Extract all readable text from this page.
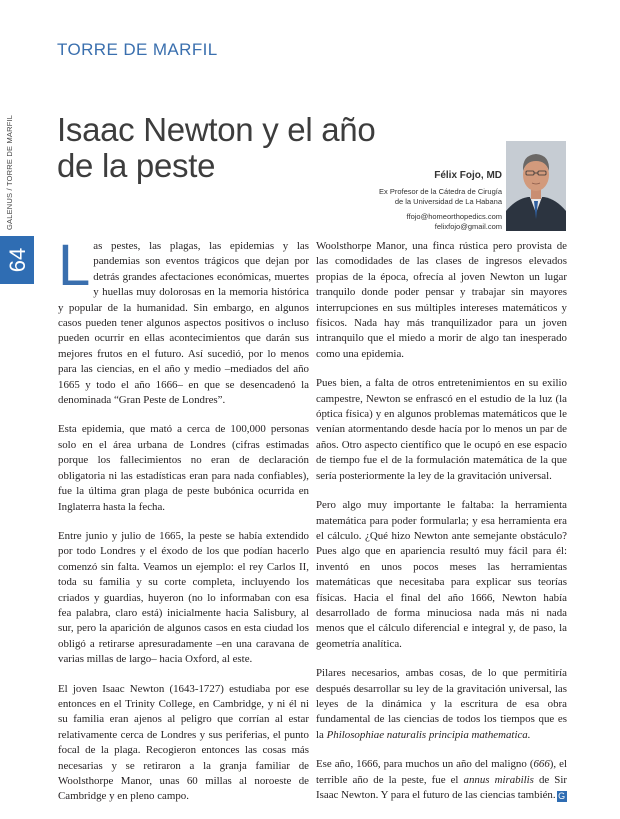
TORRE DE MARFIL
GALENUS / TORRE DE MARFIL
64
Isaac Newton y el año de la peste	Félix Fojo, MD
Ex Profesor de la Cátedra de Cirugía
de la Universidad de La Habana
ffojo@homeorthopedics.com
felixfojo@gmail.com

Las pestes, las plagas, las epidemias y las pandemias son eventos trágicos que dejan por detrás grandes afectaciones económicas, muertes y huellas muy dolorosas en la memoria histórica y popular de la humanidad. Sin embargo, en algunos casos pueden tener algunos aspectos positivos o incluso pueden ocurrir en ellas acontecimientos que darán sus mejores frutos en el futuro. Así sucedió, por lo menos para las ciencias, en el año y medio –mediados del año 1665 y todo el año 1666– en que se desencadenó la denominada “Gran Peste de Londres”.

Esta epidemia, que mató a cerca de 100,000 personas solo en el área urbana de Londres (cifras estimadas porque los fallecimientos no eran de declaración obligatoria ni las estadísticas eran para nada confiables), fue la última gran plaga de peste bubónica ocurrida en Inglaterra hasta la fecha.

Entre junio y julio de 1665, la peste se había extendido por todo Londres y el éxodo de los que podían hacerlo comenzó sin falta. Veamos un ejemplo: el rey Carlos II, toda su familia y su corte completa, incluyendo los criados y guardias, huyeron (no lo informaban con esa fea palabra, claro está) inicialmente hacia Salisbury, al sur, pero la aparición de algunos casos en esta ciudad los obligó a retirarse apresuradamente –en una caravana de varias millas de largo– hacia Oxford, al este.

El joven Isaac Newton (1643-1727) estudiaba por ese entonces en el Trinity College, en Cambridge, y ni él ni su familia eran ajenos al peligro que corrían al estar relativamente cerca de Londres y sus periferias, el punto focal de la plaga. Recogieron entonces las cosas más necesarias y se retiraron a la granja familiar de Woolsthorpe Manor, unas 60 millas al noroeste de Cambridge y en pleno campo.

Woolsthorpe Manor, una finca rústica pero provista de las comodidades de las clases de ingresos elevados propias de la época, ofrecía al joven Newton un lugar tranquilo donde poder pensar y trabajar sin mayores interrupciones en sus múltiples intereses matemáticos y físicos. Nada hay más tranquilizador para un joven intranquilo que el miedo a morir de algo tan inesperado como una epidemia.

Pues bien, a falta de otros entretenimientos en su exilio campestre, Newton se enfrascó en el estudio de la luz (la óptica física) y en algunos problemas matemáticos que le venían atormentando desde hacía por lo menos un par de años. Otro aspecto científico que le ocupó en ese espacio de tiempo fue el de la formulación matemática de la que sería posteriormente la ley de la gravitación universal.

Pero algo muy importante le faltaba: la herramienta matemática para poder formularla; y esa herramienta era el cálculo. ¿Qué hizo Newton ante semejante obstáculo? Pues algo que en apariencia resultó muy fácil para él: inventó en unos pocos meses las herramientas matemáticas que necesitaba para explicar sus teorías físicas. Hacia el final del año 1666, Newton había desarrollado de forma minuciosa nada más ni nada menos que el cálculo diferencial e integral y, de paso, la geometría analítica.

Pilares necesarios, ambas cosas, de lo que permitiría después desarrollar su ley de la gravitación universal, las leyes de la dinámica y la escritura de esa obra fundamental de las ciencias de todos los tiempos que es la Philosophiae naturalis principia mathematica.

Ese año, 1666, para muchos un año del maligno (666), el terrible año de la peste, fue el annus mirabilis de Sir Isaac Newton. Y para el futuro de las ciencias también. G
